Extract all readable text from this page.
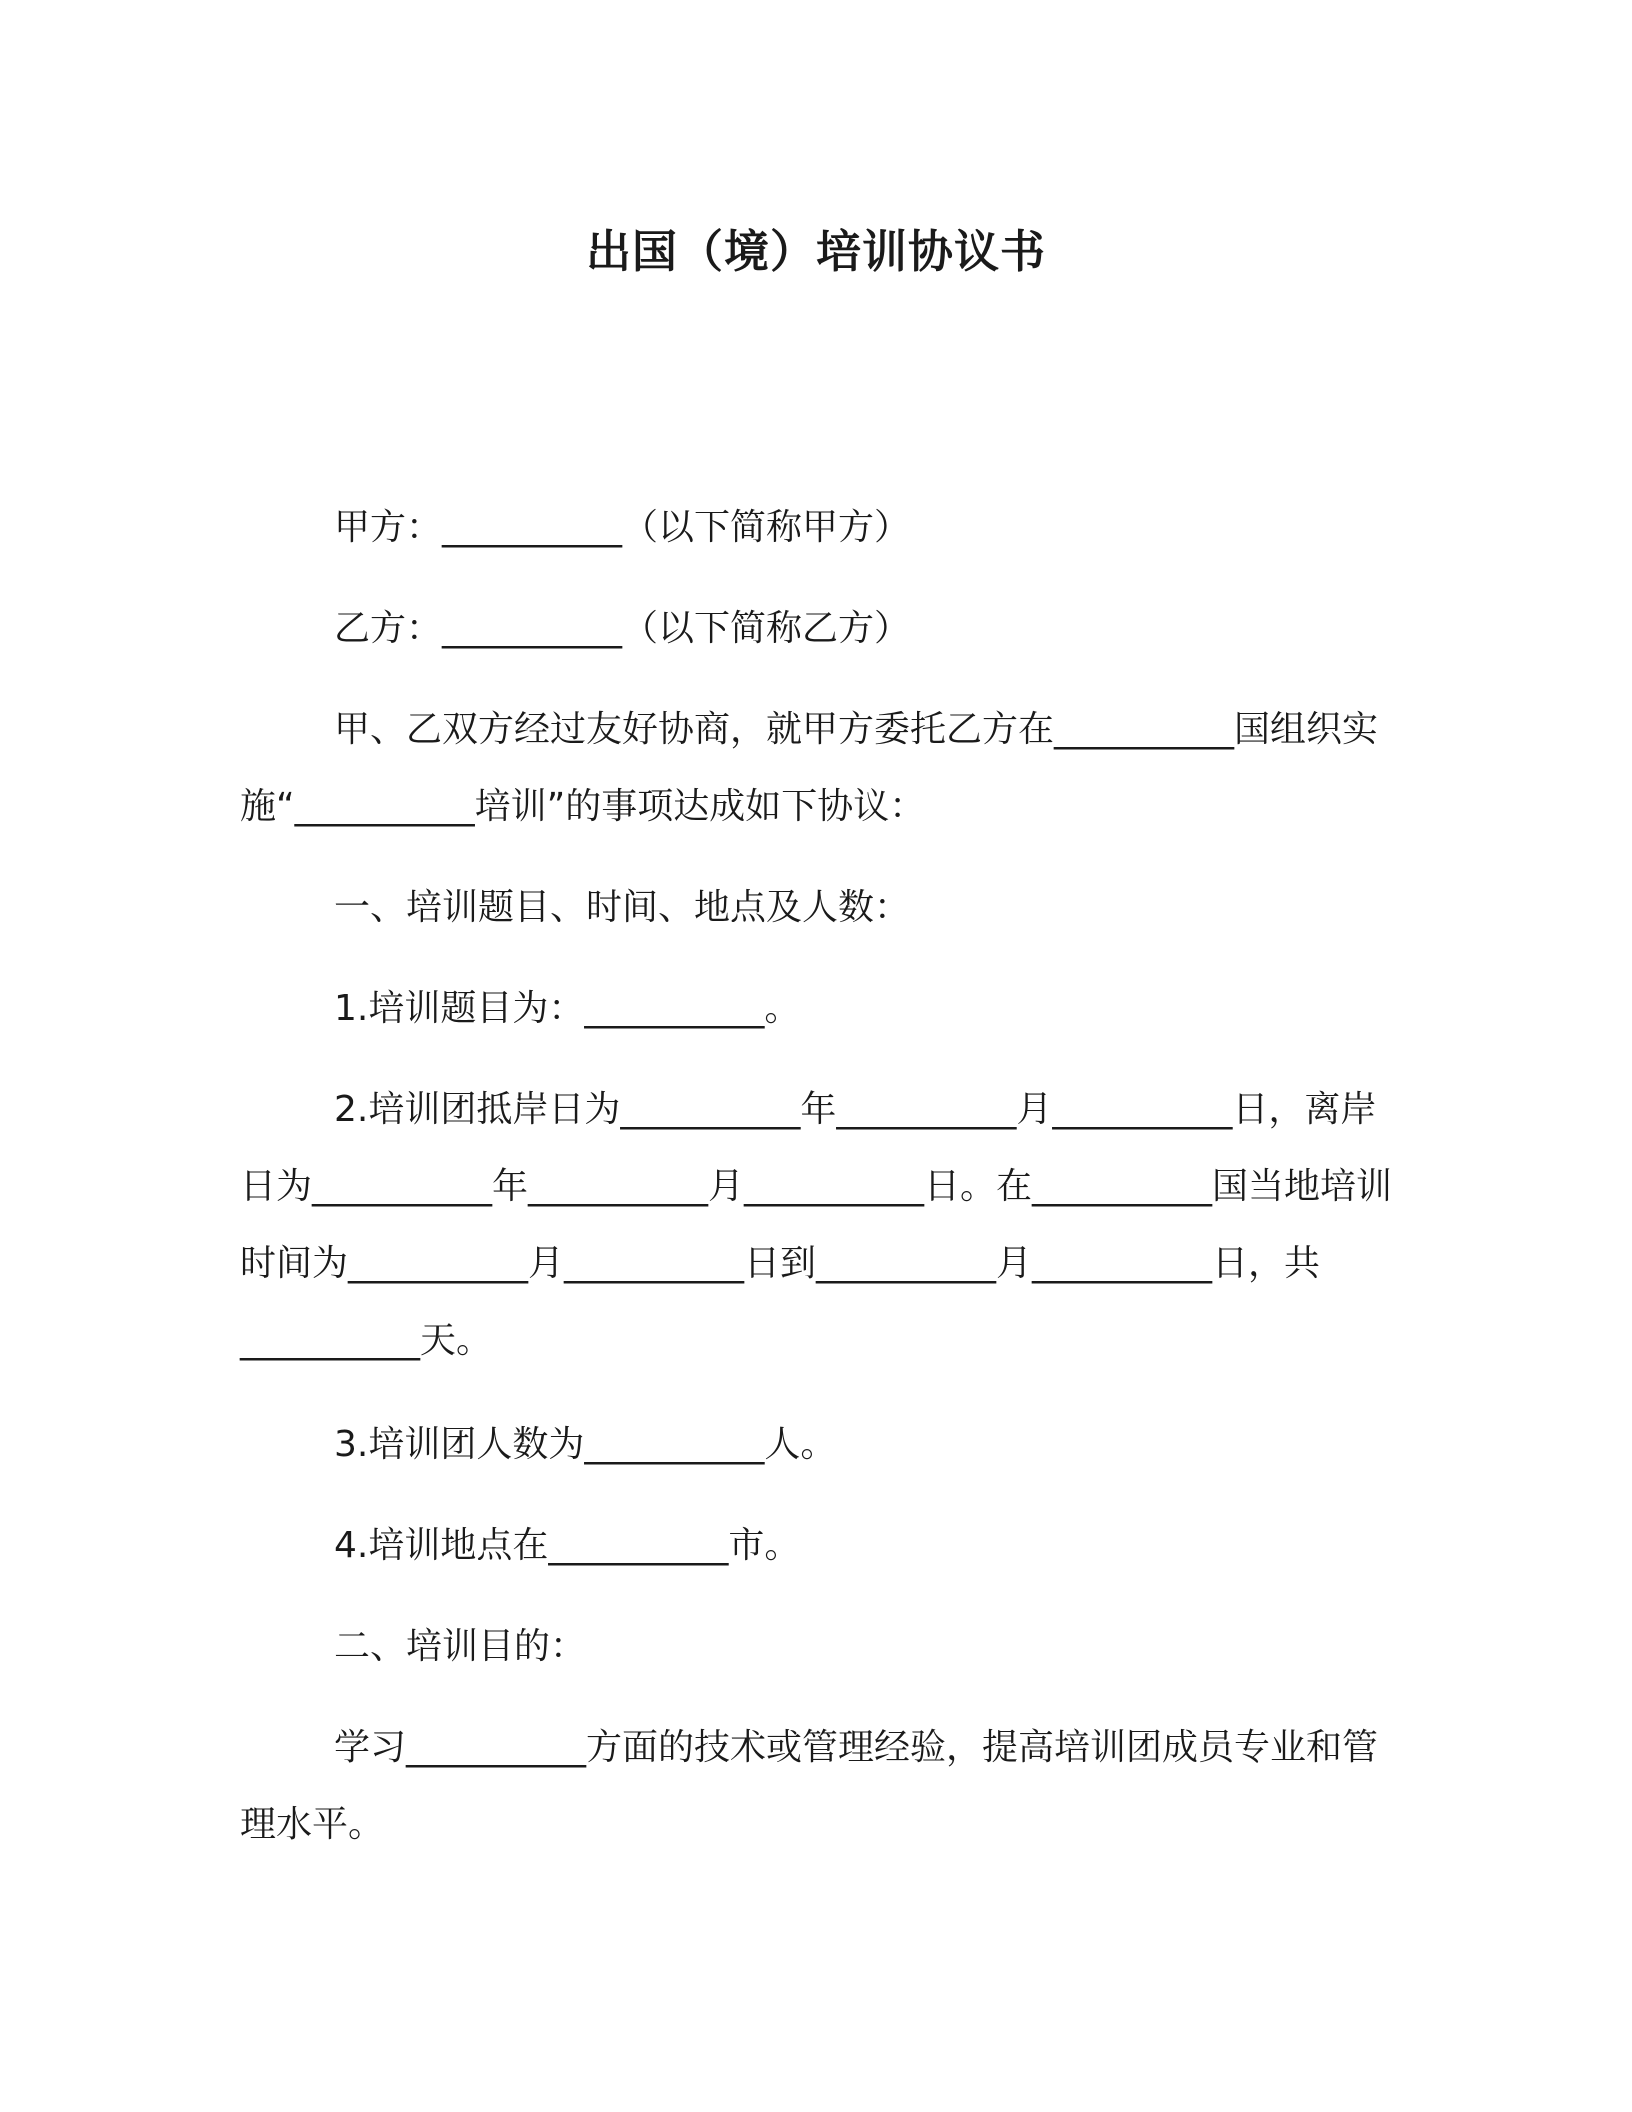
出国（境）培训协议书

甲方：__________（以下简称甲方）

乙方：__________（以下简称乙方）

甲、乙双方经过友好协商，就甲方委托乙方在__________国组织实施“__________培训”的事项达成如下协议：

一、培训题目、时间、地点及人数：

1.培训题目为：__________。

2.培训团抵岸日为__________年__________月__________日，离岸日为__________年__________月__________日。在__________国当地培训时间为__________月__________日到__________月__________日，共__________天。

3.培训团人数为__________人。

4.培训地点在__________市。

二、培训目的：

学习__________方面的技术或管理经验，提高培训团成员专业和管理水平。
